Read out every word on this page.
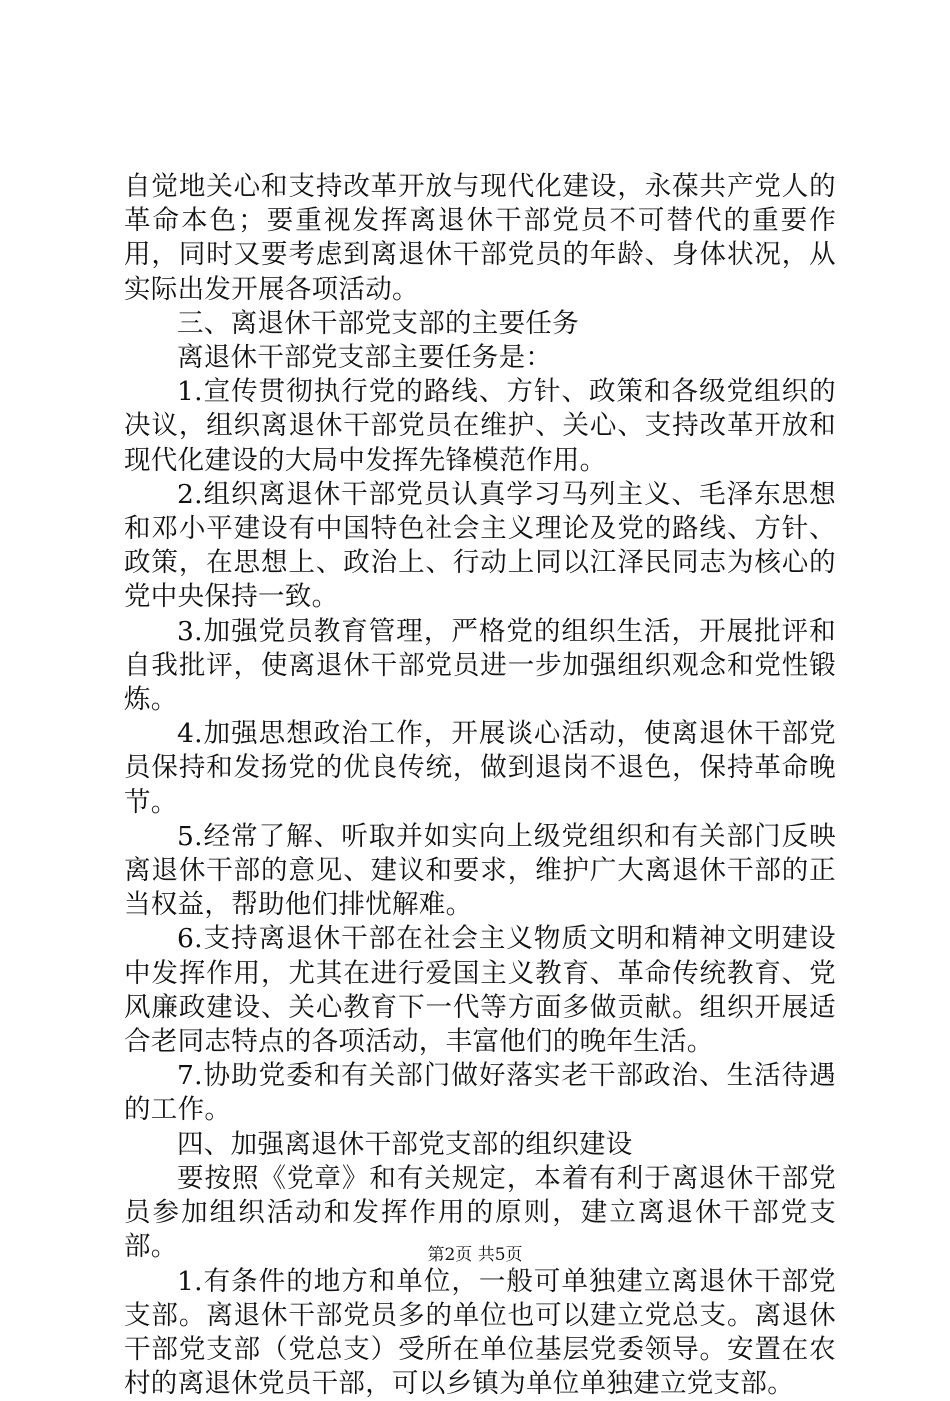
自觉地关心和支持改革开放与现代化建设，永葆共产党人的革命本色；要重视发挥离退休干部党员不可替代的重要作用，同时又要考虑到离退休干部党员的年龄、身体状况，从实际出发开展各项活动。

三、离退休干部党支部的主要任务

离退休干部党支部主要任务是：

1.宣传贯彻执行党的路线、方针、政策和各级党组织的决议，组织离退休干部党员在维护、关心、支持改革开放和现代化建设的大局中发挥先锋模范作用。

2.组织离退休干部党员认真学习马列主义、毛泽东思想和邓小平建设有中国特色社会主义理论及党的路线、方针、政策，在思想上、政治上、行动上同以江泽民同志为核心的党中央保持一致。

3.加强党员教育管理，严格党的组织生活，开展批评和自我批评，使离退休干部党员进一步加强组织观念和党性锻炼。

4.加强思想政治工作，开展谈心活动，使离退休干部党员保持和发扬党的优良传统，做到退岗不退色，保持革命晚节。

5.经常了解、听取并如实向上级党组织和有关部门反映离退休干部的意见、建议和要求，维护广大离退休干部的正当权益，帮助他们排忧解难。

6.支持离退休干部在社会主义物质文明和精神文明建设中发挥作用，尤其在进行爱国主义教育、革命传统教育、党风廉政建设、关心教育下一代等方面多做贡献。组织开展适合老同志特点的各项活动，丰富他们的晚年生活。

7.协助党委和有关部门做好落实老干部政治、生活待遇的工作。

四、加强离退休干部党支部的组织建设

要按照《党章》和有关规定，本着有利于离退休干部党员参加组织活动和发挥作用的原则，建立离退休干部党支部。

1.有条件的地方和单位，一般可单独建立离退休干部党支部。离退休干部党员多的单位也可以建立党总支。离退休干部党支部（党总支）受所在单位基层党委领导。安置在农村的离退休党员干部，可以乡镇为单位单独建立党支部。

第2页 共5页
